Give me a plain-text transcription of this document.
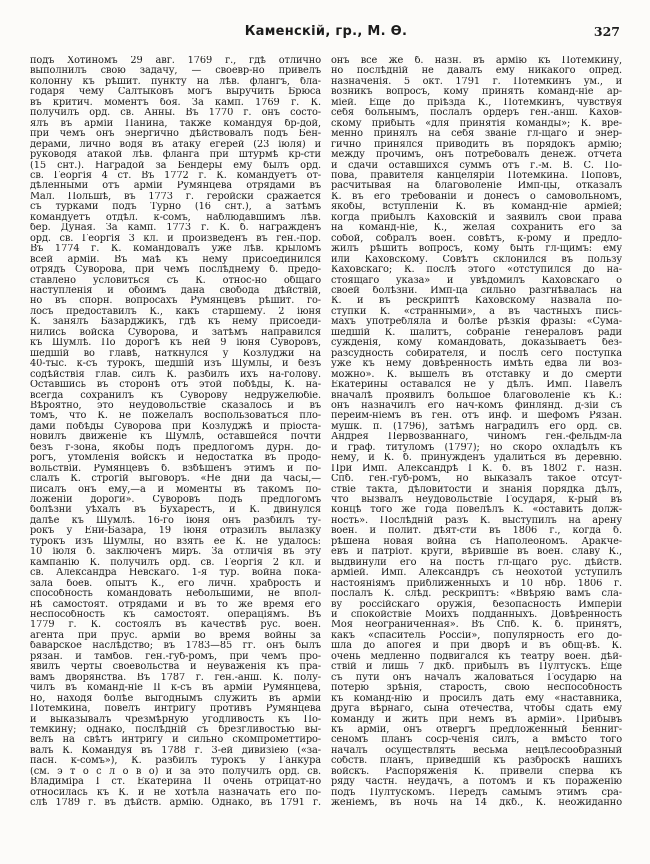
Каменскій, гр., М. Ѳ.	327
подъ Хотиномъ 29 авг. 1769 г., гдѣ отлично
выполнилъ свою задачу, — своевр-но привелъ
колонну къ рѣшит. пункту на лѣв. флангъ, бла-
годаря чему Салтыковъ могъ выручить Брюса
въ критич. моментъ боя. За камп. 1769 г. К.
получилъ орд. св. Анны. Въ 1770 г. онъ состо-
ялъ въ арміи Панина, также командуя бр-дой,
при чемъ онъ энергично дѣйствовалъ подъ Бен-
дерами, лично водя въ атаку егерей (23 іюля) и
руководя атакой лѣв. фланга при штурмѣ кр-сти
(15 снт.). Наградой за Бендеры ему былъ орд.
св. Георгія 4 ст. Въ 1772 г. К. командуетъ от-
дѣленными отъ арміи Румянцева отрядами въ
Мал. Польшѣ, въ 1773 г. геройски сражается
съ турками подъ Турно (16 снт.), а затѣмъ
командуетъ отдѣл. к-сомъ, наблюдавшимъ лѣв.
бер. Дуная. За камп. 1773 г. К. б. награжденъ
орд. св. Георгія 3 кл. и произведенъ въ ген.-пор.
Въ 1774 г. К. командовалъ уже лѣв. крыломъ
всей арміи. Въ маѣ къ нему присоединился
отрядъ Суворова, при чемъ послѣднему б. предо-
ставлено условиться съ К. относ-но общаго
наступленія и обоимъ дана свобода дѣйствій,
но въ спорн. вопросахъ Румянцевъ рѣшит. го-
лосъ предоставилъ К., какъ старшему. 2 іюня
К. занялъ Базарджикъ, гдѣ къ нему присоеди-
нились войска Суворова, и затѣмъ направился
къ Шумлѣ. По дорогѣ къ ней 9 іюня Суворовъ,
шедшій во главѣ, наткнулся у Козлуджи на
40-тыс. к-съ турокъ, шедшій изъ Шумлы, и безъ
содѣйствія глав. силъ К. разбилъ ихъ на-голову.
Оставшись въ сторонѣ отъ этой побѣды, К. на-
всегда сохранилъ къ Суворову недружелюбіе.
Вѣроятно, это неудовольствіе сказалось и въ
томъ, что К. не пожелалъ воспользоваться пло-
дами побѣды Суворова при Козлуджѣ и пріоста-
новилъ движеніе къ Шумлѣ, оставшейся почти
безъ г-зона, якобы подъ предлогомъ дурн. до-
рогъ, утомленія войскъ и недостатка въ продо-
вольствіи. Румянцевъ б. взбѣшенъ этимъ и по-
слалъ К. строгій выговоръ. «Не дни да часы,—
писалъ онъ ему,—а и моменты въ такомъ по-
ложеніи дороги». Суворовъ подъ предлогомъ
болѣзни уѣхалъ въ Бухарестъ, и К. двинулся
далѣе къ Шумлѣ. 16-го іюня онъ разбилъ ту-
рокъ у Ени-Базара, 19 іюня отразилъ вылазку
турокъ изъ Шумлы, но взять ее К. не удалось:
10 іюля б. заключенъ миръ. За отличія въ эту
кампанію К. получилъ орд. св. Георгія 2 кл. и
св. Александра Невскаго. 1-я тур. война пока-
зала боев. опытъ К., его личн. храбрость и
способность командовать небольшими, не впол-
нѣ самостоят. отрядами и въ то же время его
неспособность къ самостоят. операціямъ. Въ
1779 г. К. состоялъ въ качествѣ рус. воен.
агента при прус. арміи во время войны за
баварское наслѣдство; въ 1783—85 гг. онъ былъ
рязан. и тамбов. ген.-губ-ромъ, при чемъ про-
явилъ черты своевольства и неуваженія къ пра-
вамъ дворянства. Въ 1787 г. ген.-анш. К. полу-
чилъ въ команд-ніе II к-съ въ арміи Румянцева,
но, находя болѣе выгоднымъ служить въ арміи
Потемкина, повелъ интригу противъ Румянцева
и выказывалъ чрезмѣрную угодливость къ По-
темкину; однако, послѣдній съ брезгливостью вы-
велъ на свѣтъ интригу и сильно скомпрометтиро-
валъ К. Командуя въ 1788 г. 3-ей дивизіею («за-
пасн. к-сомъ»), К. разбилъ турокъ у Ганкура
(см. э т о с л о в о) и за это получилъ орд. св.
Владиміра I ст. Екатерина II очень отрицат-но
относилась къ К. и не хотѣла назначать его по-
слѣ 1789 г. въ дѣйств. армію. Однако, въ 1791 г.
онъ все же б. назн. въ армію къ Потемкину,
но послѣдній не давалъ ему никакого опред.
назначенія. 5 окт. 1791 г. Потемкинъ ум., и
возникъ вопросъ, кому принять команд-ніе ар-
міей. Еще до пріѣзда К., Потемкинъ, чувствуя
себя больнымъ, послалъ ордеръ ген.-анш. Кахов-
скому прибыть «для принятія команды»; К. вре-
менно принялъ на себя званіе гл-щаго и энер-
гично принялся приводить въ порядокъ армію;
между прочимъ, онъ потребовалъ денеж. отчета
и сдачи оставшихся суммъ отъ г.-м. В. С. По-
пова, правителя канцеляріи Потемкина. Поповъ,
расчитывая на благоволеніе Имп-цы, отказалъ
К. въ его требованіи и донесъ о самовольномъ,
якобы, вступленіи К. въ команд-ніе арміей;
когда прибылъ Каховскій и заявилъ свои права
на команд-ніе, К., желая сохранить его за
собой, собралъ воен. совѣтъ, к-рому и предло-
жилъ рѣшить вопросъ, кому быть гл-щимъ: ему
или Каховскому. Совѣтъ склонился въ пользу
Каховскаго; К. послѣ этого «отступился до на-
стоящаго указа» и увѣдомилъ Каховскаго о
своей болѣзни. Имп-ца сильно разгнѣвалась на
К. и въ рескриптѣ Каховскому назвала по-
ступки К. «странными», а въ частныхъ пись-
махъ употребляла и болѣе рѣзкія фразы: «Сума-
шедшій К. шалитъ, собраніе генераловъ ради
сужденія, кому командовать, доказываетъ без-
разсудность собирателя, и послѣ сего поступка
уже къ нему довѣренность имѣть едва ли воз-
можно». К. вышелъ въ отставку и до смерти
Екатерины оставался не у дѣлъ. Имп. Павелъ
вначалѣ проявилъ большое благоволеніе къ К.:
онъ назначилъ его нач-комъ финлянд. д-зіи съ
переим-ніемъ въ ген. отъ инф. и шефомъ Рязан.
мушк. п. (1796), затѣмъ наградилъ его орд. св.
Андрея Первозваннаго, чиномъ ген.-фельдм-ла
и граф. титуломъ (1797); но скоро охладѣлъ къ
нему, и К. б. принужденъ удалиться въ деревню.
При Имп. Александрѣ I К. б. въ 1802 г. назн.
Спб. ген.-губ-ромъ, но выказалъ такое отсут-
ствіе такта, дѣловитости и знанія порядка дѣлъ,
что вызвалъ неудовольствіе Государя, к-рый въ
концѣ того же года повелѣлъ К. «оставить долж-
ность». Послѣдній разъ К. выступилъ на арену
воен. и полит. дѣят-сти въ 1806 г., когда б.
рѣшена новая война съ Наполеономъ. Аракче-
евъ и патріот. круги, вѣрившіе въ воен. славу К.,
выдвинули его на постъ гл-щаго рус. дѣйств.
арміей. Имп. Александръ съ неохотой уступилъ
настояніямъ приближенныхъ и 10 нбр. 1806 г.
послалъ К. слѣд. рескриптъ: «Ввѣряю вамъ сла-
ву россійскаго оружія, безопасность Имперіи
и спокойствіе Моихъ подданныхъ. Довѣренность
Моя неограниченная». Въ Спб. К. б. принятъ,
какъ «спаситель Россіи», популярность его до-
шла до апогея и при дворѣ и въ общ-вѣ. К.
очень медленно подвигался къ театру воен. дѣй-
ствій и лишь 7 дкб. прибылъ въ Пултускъ. Еще
съ пути онъ началъ жаловаться Государю на
потерю зрѣнія, старость, свою неспособность
къ команд-нію и просилъ дать ему «наставника,
друга вѣрнаго, сына отечества, чтобы сдать ему
команду и жить при немъ въ арміи». Прибывъ
къ арміи, онъ отвергъ предложенный Бенниг-
сеномъ планъ соср-ченія силъ, а вмѣсто того
началъ осуществлять весьма нецѣлесообразный
собств. планъ, приведшій къ разброскѣ нашихъ
войскъ. Распоряженія К. привели сперва къ
ряду частн. неудачъ, а потомъ и къ пораженію
подъ Пултускомъ. Передъ самымъ этимъ сра-
женіемъ, въ ночь на 14 дкб., К. неожиданно
